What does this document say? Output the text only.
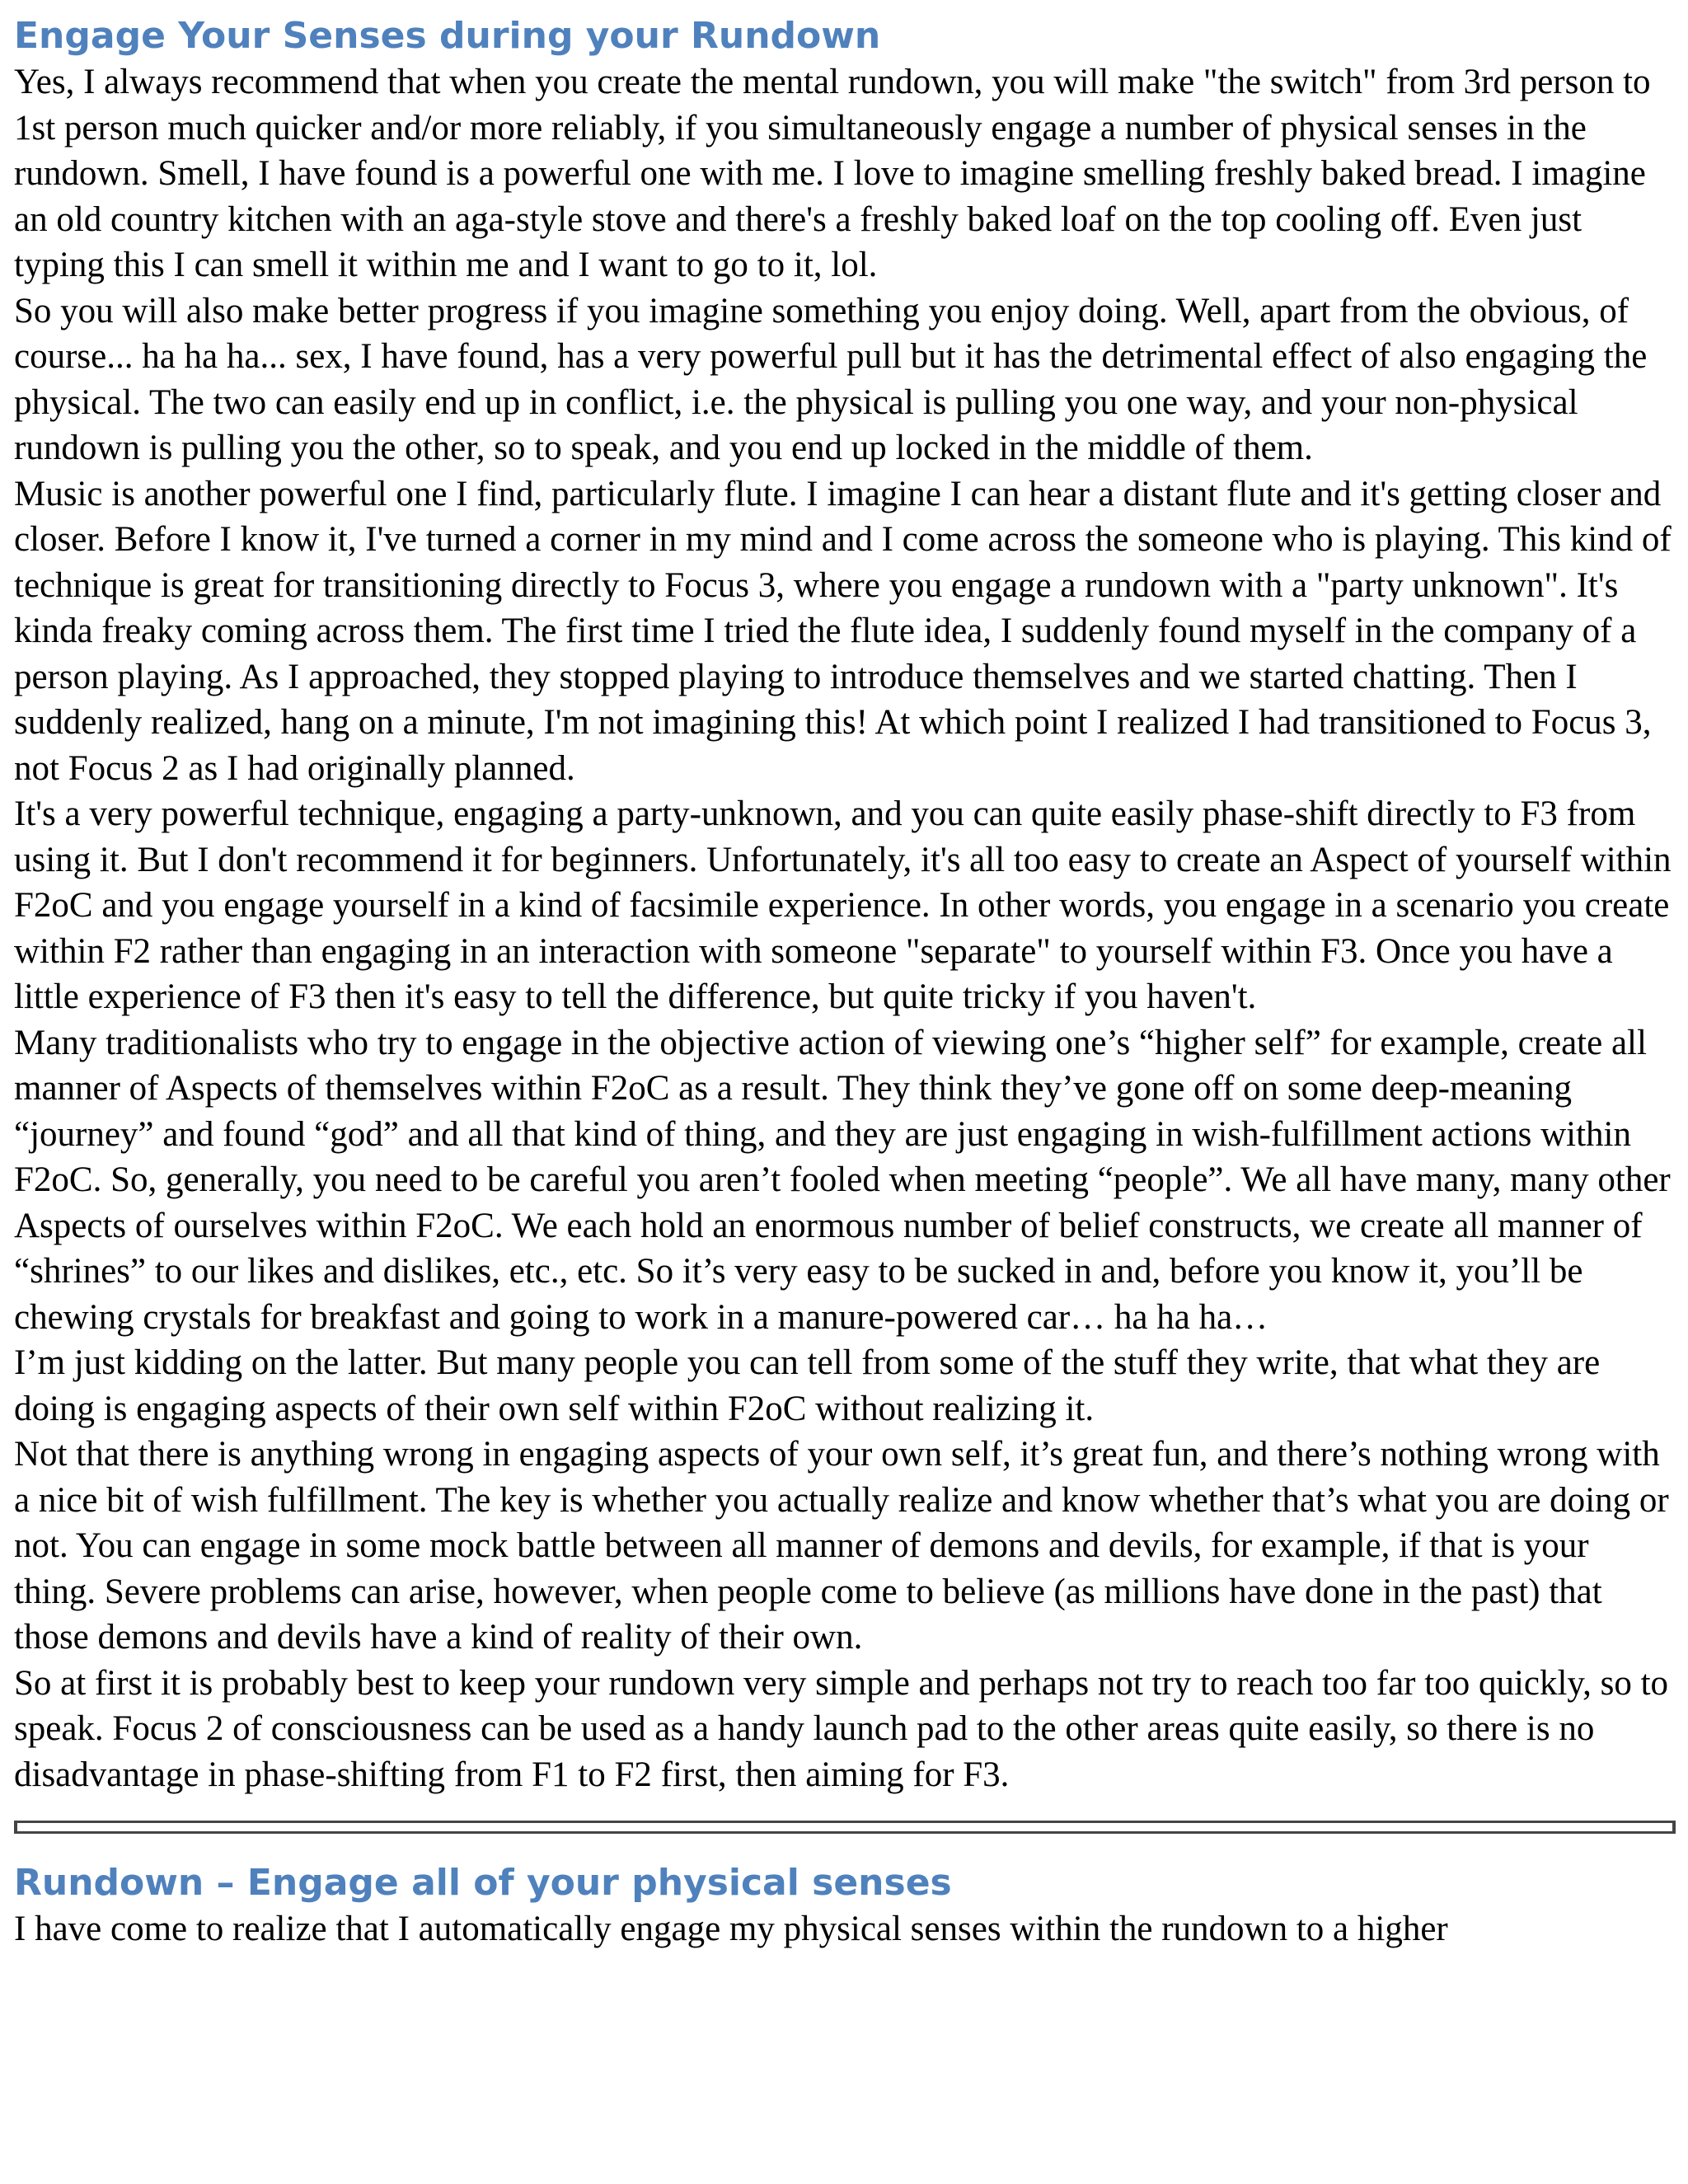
Engage Your Senses during your Rundown

Yes, I always recommend that when you create the mental rundown, you will make "the switch" from 3rd person to 1st person much quicker and/or more reliably, if you simultaneously engage a number of physical senses in the rundown. Smell, I have found is a powerful one with me. I love to imagine smelling freshly baked bread. I imagine an old country kitchen with an aga-style stove and there's a freshly baked loaf on the top cooling off. Even just typing this I can smell it within me and I want to go to it, lol.

So you will also make better progress if you imagine something you enjoy doing. Well, apart from the obvious, of course... ha ha ha... sex, I have found, has a very powerful pull but it has the detrimental effect of also engaging the physical. The two can easily end up in conflict, i.e. the physical is pulling you one way, and your non-physical rundown is pulling you the other, so to speak, and you end up locked in the middle of them.

Music is another powerful one I find, particularly flute. I imagine I can hear a distant flute and it's getting closer and closer. Before I know it, I've turned a corner in my mind and I come across the someone who is playing. This kind of technique is great for transitioning directly to Focus 3, where you engage a rundown with a "party unknown". It's kinda freaky coming across them. The first time I tried the flute idea, I suddenly found myself in the company of a person playing. As I approached, they stopped playing to introduce themselves and we started chatting. Then I suddenly realized, hang on a minute, I'm not imagining this! At which point I realized I had transitioned to Focus 3, not Focus 2 as I had originally planned.

It's a very powerful technique, engaging a party-unknown, and you can quite easily phase-shift directly to F3 from using it. But I don't recommend it for beginners. Unfortunately, it's all too easy to create an Aspect of yourself within F2oC and you engage yourself in a kind of facsimile experience. In other words, you engage in a scenario you create within F2 rather than engaging in an interaction with someone "separate" to yourself within F3. Once you have a little experience of F3 then it's easy to tell the difference, but quite tricky if you haven't.

Many traditionalists who try to engage in the objective action of viewing one’s “higher self” for example, create all manner of Aspects of themselves within F2oC as a result. They think they’ve gone off on some deep-meaning “journey” and found “god” and all that kind of thing, and they are just engaging in wish-fulfillment actions within F2oC. So, generally, you need to be careful you aren’t fooled when meeting “people”. We all have many, many other Aspects of ourselves within F2oC. We each hold an enormous number of belief constructs, we create all manner of “shrines” to our likes and dislikes, etc., etc. So it’s very easy to be sucked in and, before you know it, you’ll be chewing crystals for breakfast and going to work in a manure-powered car… ha ha ha…

I’m just kidding on the latter. But many people you can tell from some of the stuff they write, that what they are doing is engaging aspects of their own self within F2oC without realizing it.

Not that there is anything wrong in engaging aspects of your own self, it’s great fun, and there’s nothing wrong with a nice bit of wish fulfillment. The key is whether you actually realize and know whether that’s what you are doing or not. You can engage in some mock battle between all manner of demons and devils, for example, if that is your thing. Severe problems can arise, however, when people come to believe (as millions have done in the past) that those demons and devils have a kind of reality of their own.

So at first it is probably best to keep your rundown very simple and perhaps not try to reach too far too quickly, so to speak. Focus 2 of consciousness can be used as a handy launch pad to the other areas quite easily, so there is no disadvantage in phase-shifting from F1 to F2 first, then aiming for F3.

Rundown – Engage all of your physical senses

I have come to realize that I automatically engage my physical senses within the rundown to a higher
